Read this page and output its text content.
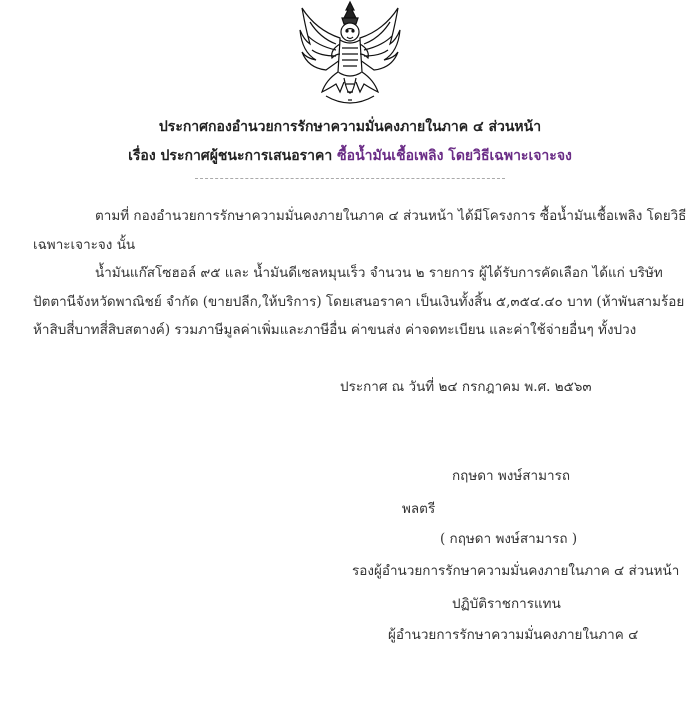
ประกาศกองอำนวยการรักษาความมั่นคงภายในภาค ๔ ส่วนหน้า
เรื่อง ประกาศผู้ชนะการเสนอราคา ซื้อน้ำมันเชื้อเพลิง โดยวิธีเฉพาะเจาะจง
ตามที่ กองอำนวยการรักษาความมั่นคงภายในภาค ๔ ส่วนหน้า ได้มีโครงการ ซื้อน้ำมันเชื้อเพลิง โดยวิธี
เฉพาะเจาะจง นั้น
น้ำมันแก๊สโซฮอล์ ๙๕ และ น้ำมันดีเซลหมุนเร็ว จำนวน ๒ รายการ ผู้ได้รับการคัดเลือก ได้แก่ บริษัท
ปัตตานีจังหวัดพาณิชย์ จำกัด (ขายปลีก,ให้บริการ) โดยเสนอราคา เป็นเงินทั้งสิ้น ๕,๓๕๔.๔๐ บาท (ห้าพันสามร้อย
ห้าสิบสี่บาทสี่สิบสตางค์) รวมภาษีมูลค่าเพิ่มและภาษีอื่น ค่าขนส่ง ค่าจดทะเบียน และค่าใช้จ่ายอื่นๆ ทั้งปวง
ประกาศ ณ วันที่ ๒๔ กรกฎาคม พ.ศ. ๒๕๖๓
กฤษดา พงษ์สามารถ
พลตรี
( กฤษดา พงษ์สามารถ )
รองผู้อำนวยการรักษาความมั่นคงภายในภาค ๔ ส่วนหน้า
ปฏิบัติราชการแทน
ผู้อำนวยการรักษาความมั่นคงภายในภาค ๔
